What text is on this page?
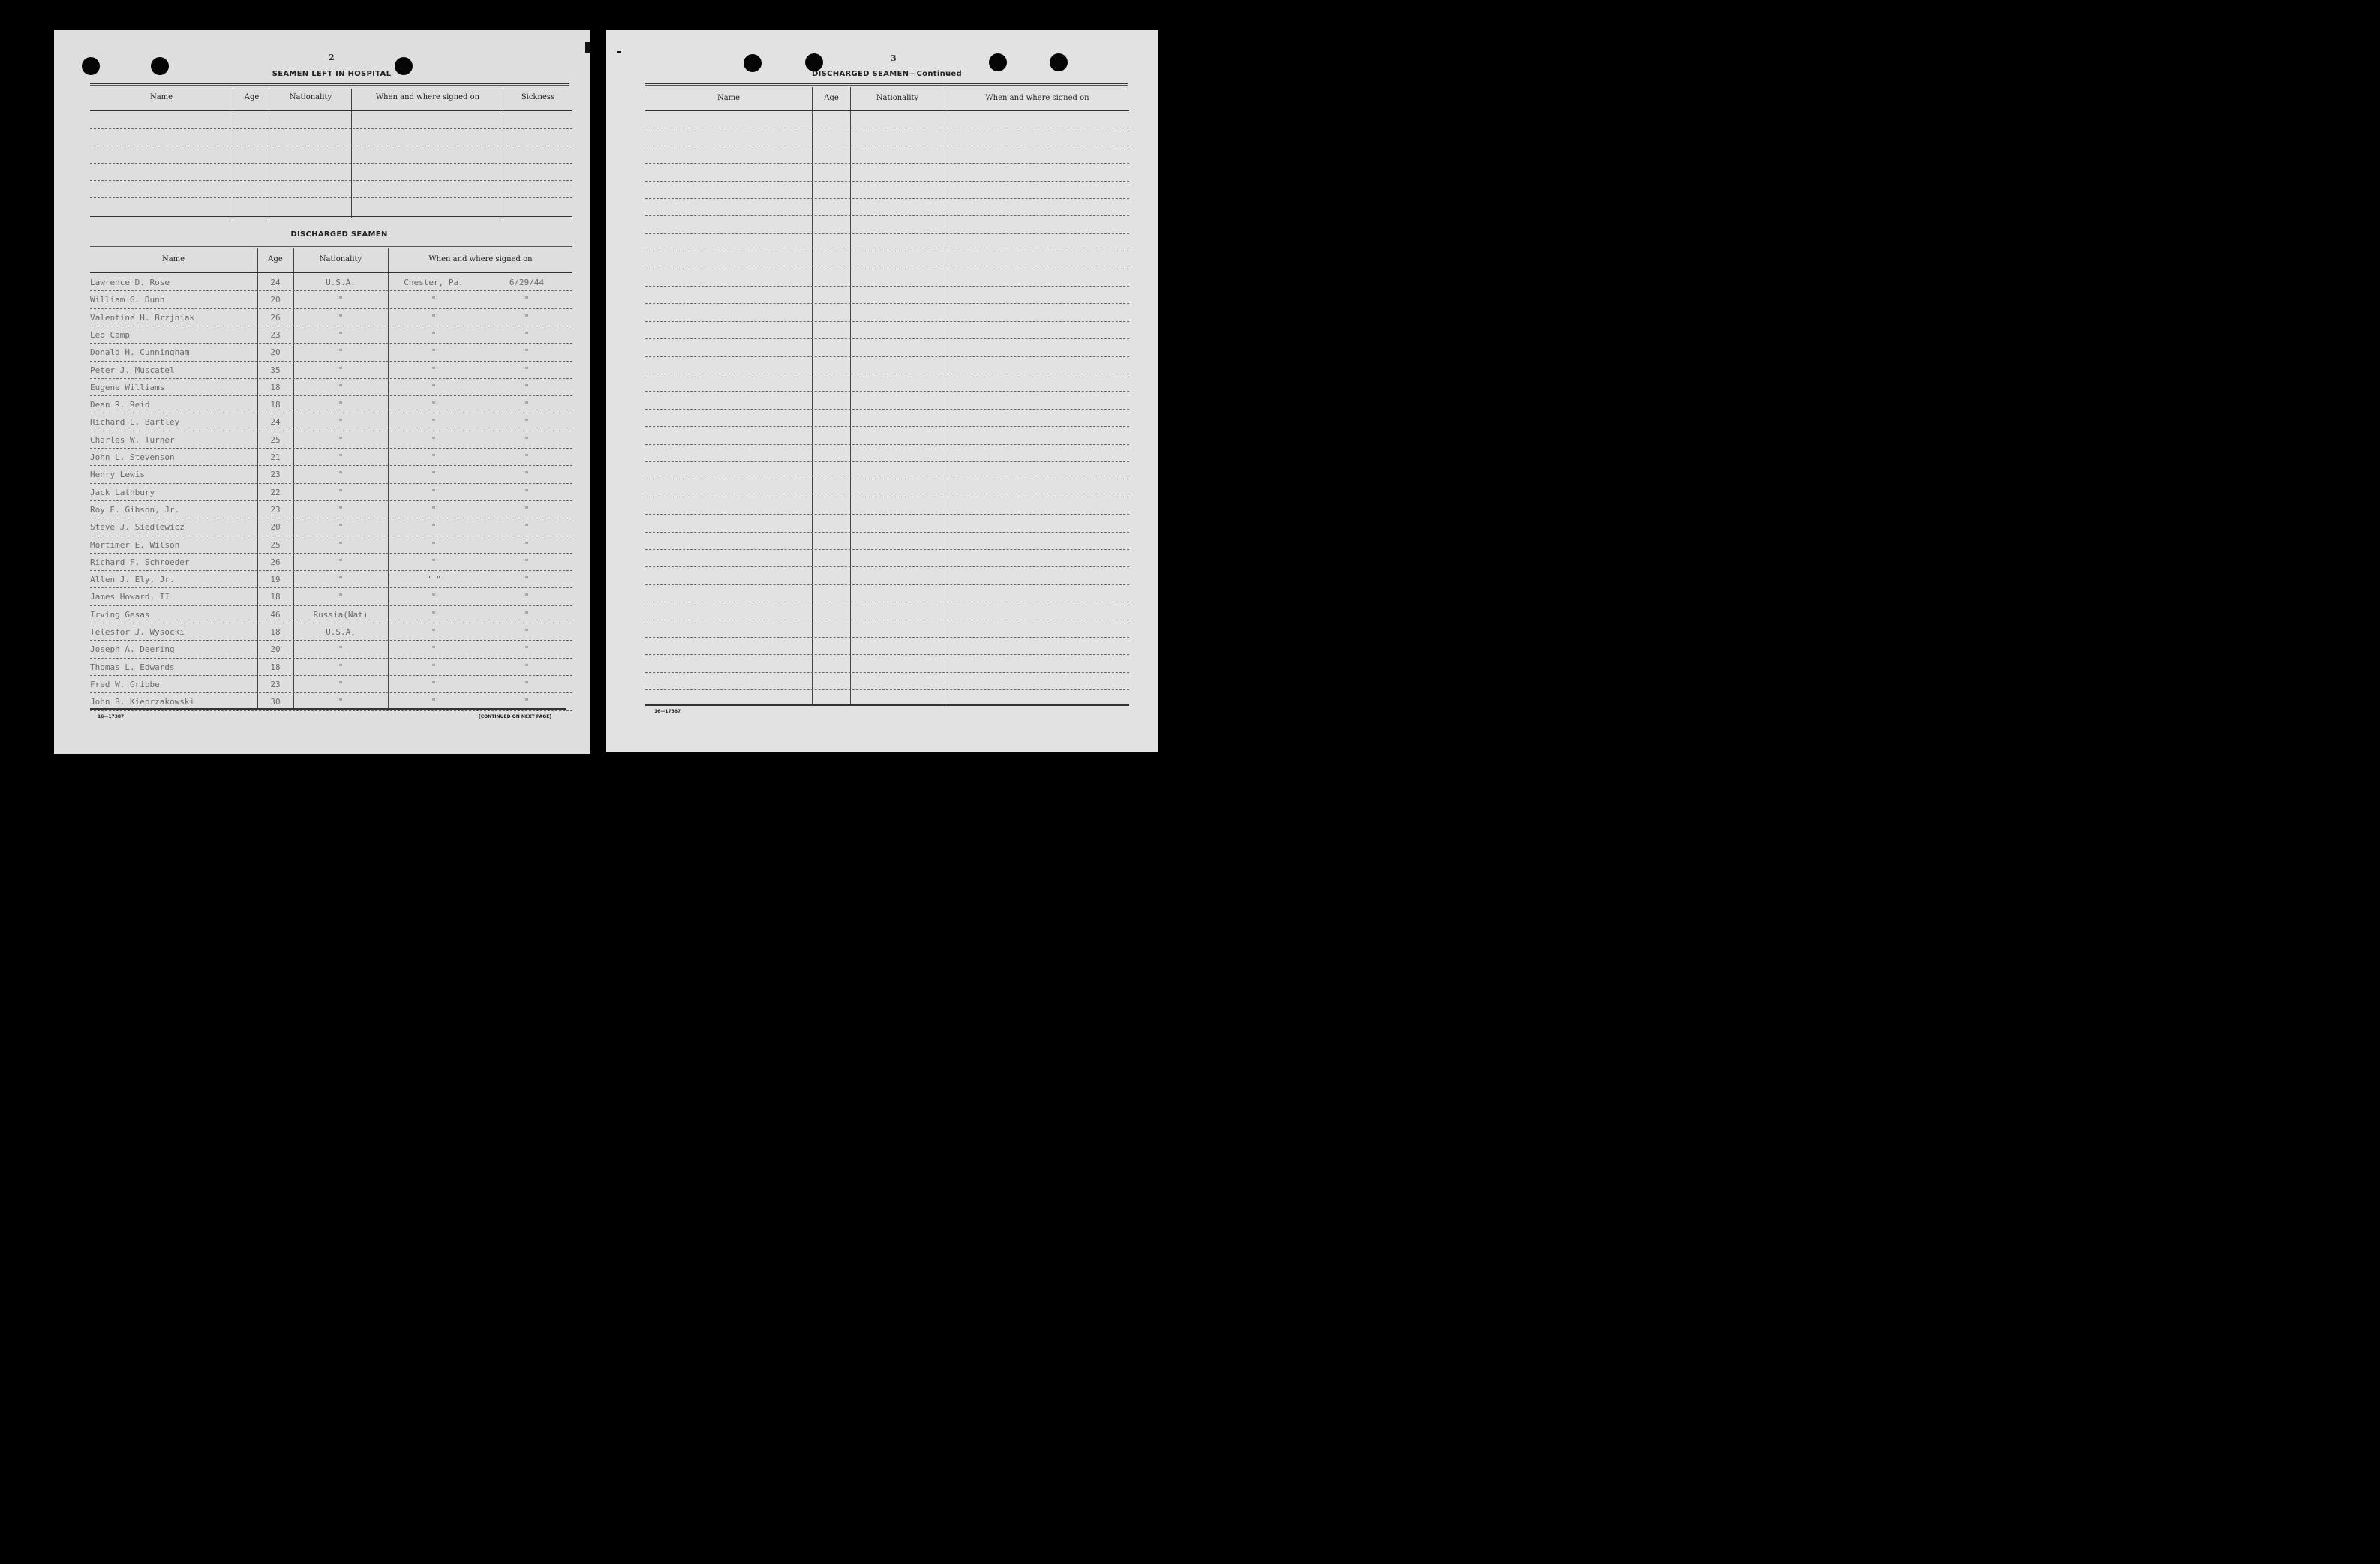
2
SEAMEN LEFT IN HOSPITAL
Name	Age	Nationality	When and where signed on	Sickness
DISCHARGED SEAMEN
Name	Age	Nationality	When and where signed on
Lawrence D. Rose	24	U.S.A.	Chester, Pa.	6/29/44
William G. Dunn	20	"	"	"
Valentine H. Brzjniak	26	"	"	"
Leo Camp	23	"	"	"
Donald H. Cunningham	20	"	"	"
Peter J. Muscatel	35	"	"	"
Eugene Williams	18	"	"	"
Dean R. Reid	18	"	"	"
Richard L. Bartley	24	"	"	"
Charles W. Turner	25	"	"	"
John L. Stevenson	21	"	"	"
Henry Lewis	23	"	"	"
Jack Lathbury	22	"	"	"
Roy E. Gibson, Jr.	23	"	"	"
Steve J. Siedlewicz	20	"	"	"
Mortimer E. Wilson	25	"	"	"
Richard F. Schroeder	26	"	"	"
Allen J. Ely, Jr.	19	"	" "	"
James Howard, II	18	"	"	"
Irving Gesas	46	Russia(Nat)	"	"
Telesfor J. Wysocki	18	U.S.A.	"	"
Joseph A. Deering	20	"	"	"
Thomas L. Edwards	18	"	"	"
Fred W. Gribbe	23	"	"	"
John B. Kieprzakowski	30	"	"	"
16—17387	[CONTINUED ON NEXT PAGE]
3
DISCHARGED SEAMEN—Continued
Name	Age	Nationality	When and where signed on
16—17387
